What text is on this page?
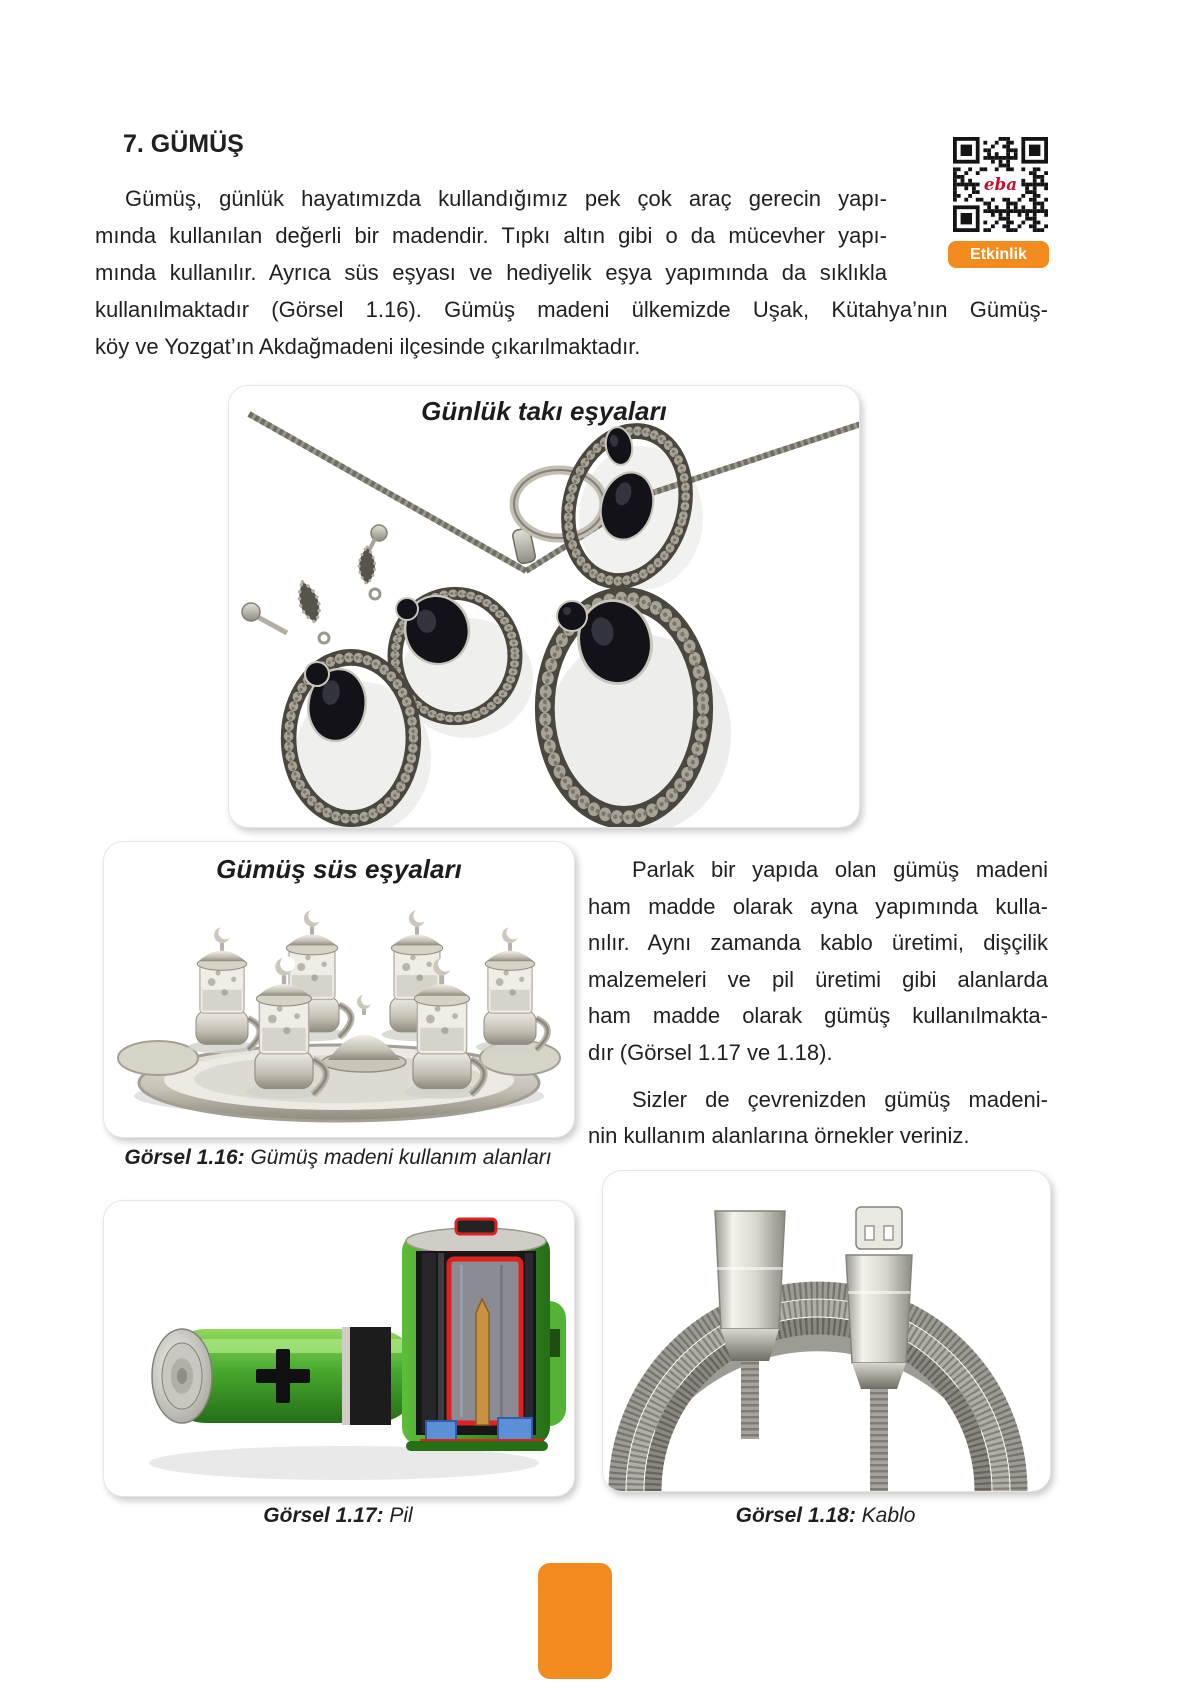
7. GÜMÜŞ
Gümüş, günlük hayatımızda kullandığımız pek çok araç gerecin yapı-
mında kullanılan değerli bir madendir. Tıpkı altın gibi o da mücevher yapı-
mında kullanılır. Ayrıca süs eşyası ve hediyelik eşya yapımında da sıklıkla
kullanılmaktadır (Görsel 1.16). Gümüş madeni ülkemizde Uşak, Kütahya’nın Gümüş-
köy ve Yozgat’ın Akdağmadeni ilçesinde çıkarılmaktadır.
eba
Etkinlik
Günlük takı eşyaları
Gümüş süs eşyaları	Parlak bir yapıda olan gümüş madeni
ham madde olarak ayna yapımında kulla-
nılır. Aynı zamanda kablo üretimi, dişçilik
malzemeleri ve pil üretimi gibi alanlarda
ham madde olarak gümüş kullanılmakta-
dır (Görsel 1.17 ve 1.18).
Sizler de çevrenizden gümüş madeni-
nin kullanım alanlarına örnekler veriniz.
Görsel 1.16: Gümüş madeni kullanım alanları
Görsel 1.17: Pil	Görsel 1.18: Kablo
